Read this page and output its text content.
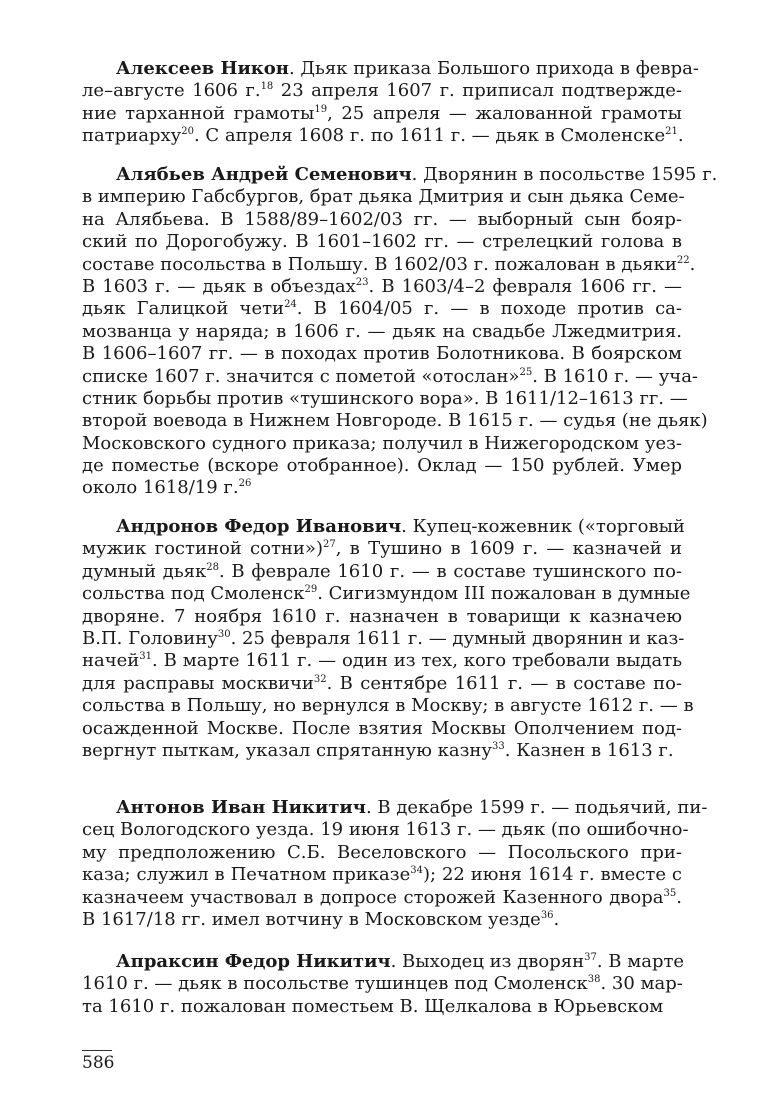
Алексеев Никон. Дьяк приказа Большого прихода в февра-
ле–августе 1606 г.$^{18}$ 23 апреля 1607 г. приписал подтвержде-
ние тарханной грамоты$^{19}$, 25 апреля — жалованной грамоты
патриарху$^{20}$. С апреля 1608 г. по 1611 г. — дьяк в Смоленске$^{21}$.
Алябьев Андрей Семенович. Дворянин в посольстве 1595 г.
в империю Габсбургов, брат дьяка Дмитрия и сын дьяка Семе-
на Алябьева. В 1588/89–1602/03 гг. — выборный сын бояр-
ский по Дорогобужу. В 1601–1602 гг. — стрелецкий голова в
составе посольства в Польшу. В 1602/03 г. пожалован в дьяки$^{22}$.
В 1603 г. — дьяк в объездах$^{23}$. В 1603/4–2 февраля 1606 гг. —
дьяк Галицкой чети$^{24}$. В 1604/05 г. — в походе против са-
мозванца у наряда; в 1606 г. — дьяк на свадьбе Лжедмитрия.
В 1606–1607 гг. — в походах против Болотникова. В боярском
списке 1607 г. значится с пометой «отослан»$^{25}$. В 1610 г. — уча-
стник борьбы против «тушинского вора». В 1611/12–1613 гг. —
второй воевода в Нижнем Новгороде. В 1615 г. — судья (не дьяк)
Московского судного приказа; получил в Нижегородском уез-
де поместье (вскоре отобранное). Оклад — 150 рублей. Умер
около 1618/19 г.$^{26}$
Андронов Федор Иванович. Купец-кожевник («торговый
мужик гостиной сотни»)$^{27}$, в Тушино в 1609 г. — казначей и
думный дьяк$^{28}$. В феврале 1610 г. — в составе тушинского по-
сольства под Смоленск$^{29}$. Сигизмундом III пожалован в думные
дворяне. 7 ноября 1610 г. назначен в товарищи к казначею
В.П. Головину$^{30}$. 25 февраля 1611 г. — думный дворянин и каз-
начей$^{31}$. В марте 1611 г. — один из тех, кого требовали выдать
для расправы москвичи$^{32}$. В сентябре 1611 г. — в составе по-
сольства в Польшу, но вернулся в Москву; в августе 1612 г. — в
осажденной Москве. После взятия Москвы Ополчением под-
вергнут пыткам, указал спрятанную казну$^{33}$. Казнен в 1613 г.
Антонов Иван Никитич. В декабре 1599 г. — подьячий, пи-
сец Вологодского уезда. 19 июня 1613 г. — дьяк (по ошибочно-
му предположению С.Б. Веселовского — Посольского при-
каза; служил в Печатном приказе$^{34}$); 22 июня 1614 г. вместе с
казначеем участвовал в допросе сторожей Казенного двора$^{35}$.
В 1617/18 гг. имел вотчину в Московском уезде$^{36}$.
Апраксин Федор Никитич. Выходец из дворян$^{37}$. В марте
1610 г. — дьяк в посольстве тушинцев под Смоленск$^{38}$. 30 мар-
та 1610 г. пожалован поместьем В. Щелкалова в Юрьевском
586
